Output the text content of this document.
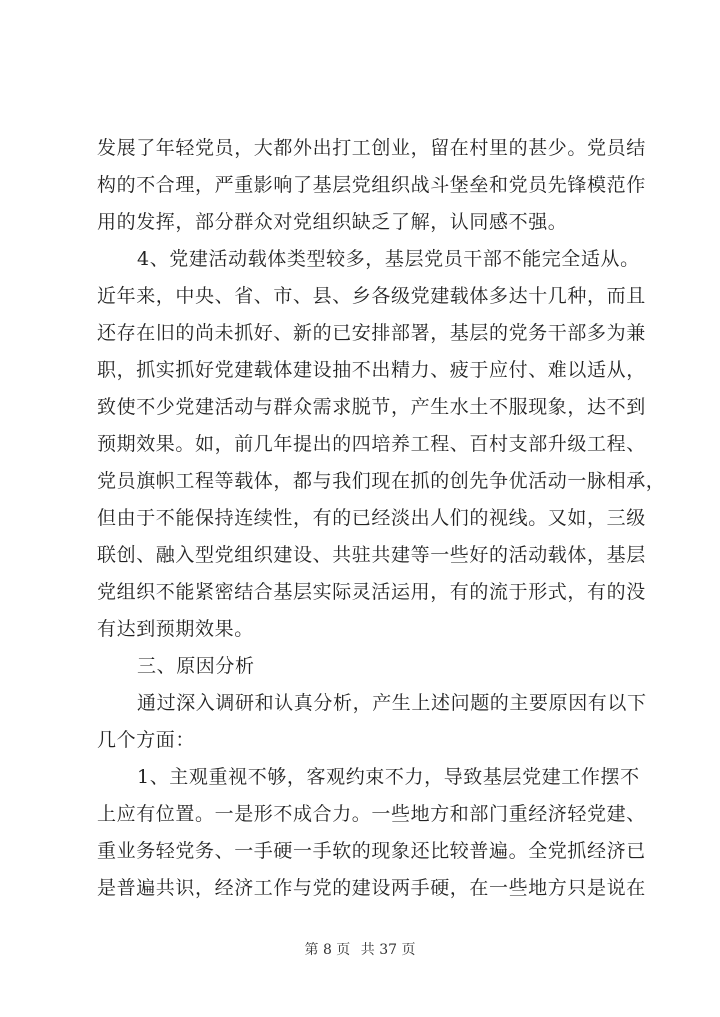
发展了年轻党员，大都外出打工创业，留在村里的甚少。党员结
构的不合理，严重影响了基层党组织战斗堡垒和党员先锋模范作
用的发挥，部分群众对党组织缺乏了解，认同感不强。
4、党建活动载体类型较多，基层党员干部不能完全适从。
近年来，中央、省、市、县、乡各级党建载体多达十几种，而且
还存在旧的尚未抓好、新的已安排部署，基层的党务干部多为兼
职，抓实抓好党建载体建设抽不出精力、疲于应付、难以适从，
致使不少党建活动与群众需求脱节，产生水土不服现象，达不到
预期效果。如，前几年提出的四培养工程、百村支部升级工程、
党员旗帜工程等载体，都与我们现在抓的创先争优活动一脉相承，
但由于不能保持连续性，有的已经淡出人们的视线。又如，三级
联创、融入型党组织建设、共驻共建等一些好的活动载体，基层
党组织不能紧密结合基层实际灵活运用，有的流于形式，有的没
有达到预期效果。
三、原因分析
通过深入调研和认真分析，产生上述问题的主要原因有以下
几个方面：
1、主观重视不够，客观约束不力，导致基层党建工作摆不
上应有位置。一是形不成合力。一些地方和部门重经济轻党建、
重业务轻党务、一手硬一手软的现象还比较普遍。全党抓经济已
是普遍共识，经济工作与党的建设两手硬，在一些地方只是说在
第 8 页 共 37 页
